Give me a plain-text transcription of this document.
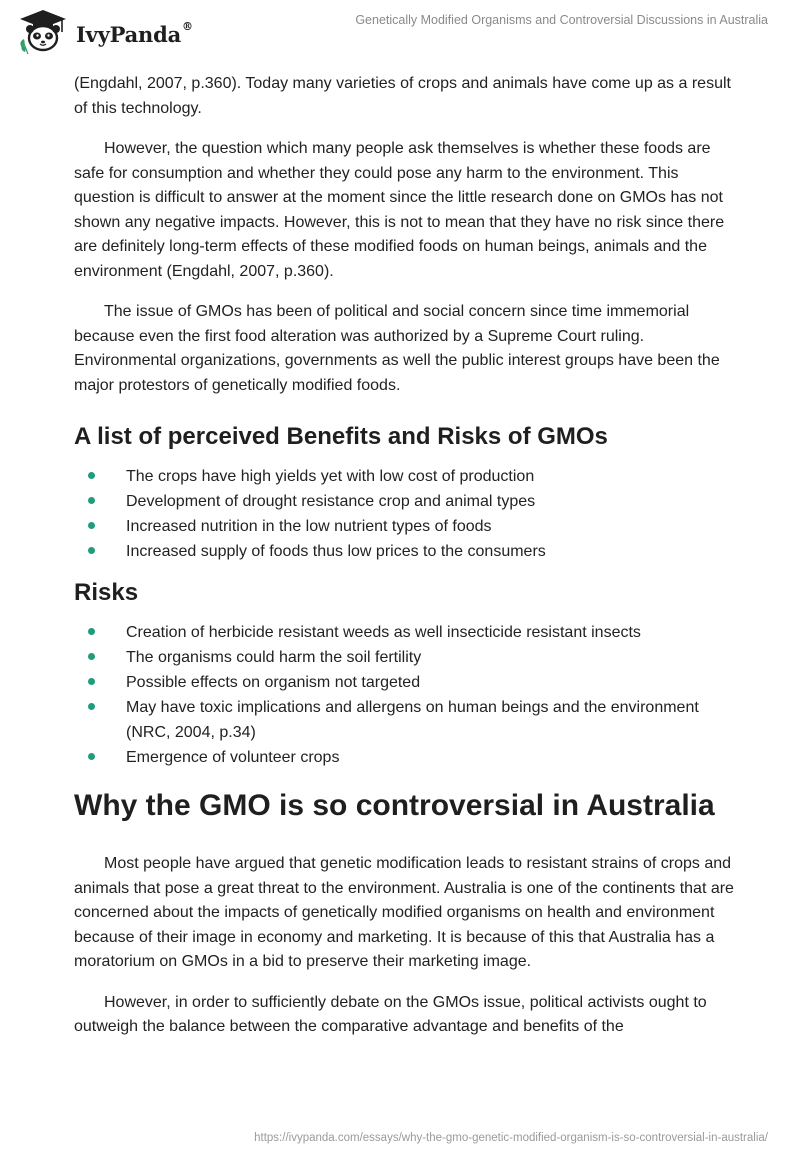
IvyPanda®	Genetically Modified Organisms and Controversial Discussions in Australia

(Engdahl, 2007, p.360). Today many varieties of crops and animals have come up as a result of this technology.

However, the question which many people ask themselves is whether these foods are safe for consumption and whether they could pose any harm to the environment. This question is difficult to answer at the moment since the little research done on GMOs has not shown any negative impacts. However, this is not to mean that they have no risk since there are definitely long-term effects of these modified foods on human beings, animals and the environment (Engdahl, 2007, p.360).

The issue of GMOs has been of political and social concern since time immemorial because even the first food alteration was authorized by a Supreme Court ruling. Environmental organizations, governments as well the public interest groups have been the major protestors of genetically modified foods.

A list of perceived Benefits and Risks of GMOs
The crops have high yields yet with low cost of production
Development of drought resistance crop and animal types
Increased nutrition in the low nutrient types of foods
Increased supply of foods thus low prices to the consumers
Risks
Creation of herbicide resistant weeds as well insecticide resistant insects
The organisms could harm the soil fertility
Possible effects on organism not targeted
May have toxic implications and allergens on human beings and the environment (NRC, 2004, p.34)
Emergence of volunteer crops
Why the GMO is so controversial in Australia

Most people have argued that genetic modification leads to resistant strains of crops and animals that pose a great threat to the environment. Australia is one of the continents that are concerned about the impacts of genetically modified organisms on health and environment because of their image in economy and marketing. It is because of this that Australia has a moratorium on GMOs in a bid to preserve their marketing image.

However, in order to sufficiently debate on the GMOs issue, political activists ought to outweigh the balance between the comparative advantage and benefits of the

https://ivypanda.com/essays/why-the-gmo-genetic-modified-organism-is-so-controversial-in-australia/
